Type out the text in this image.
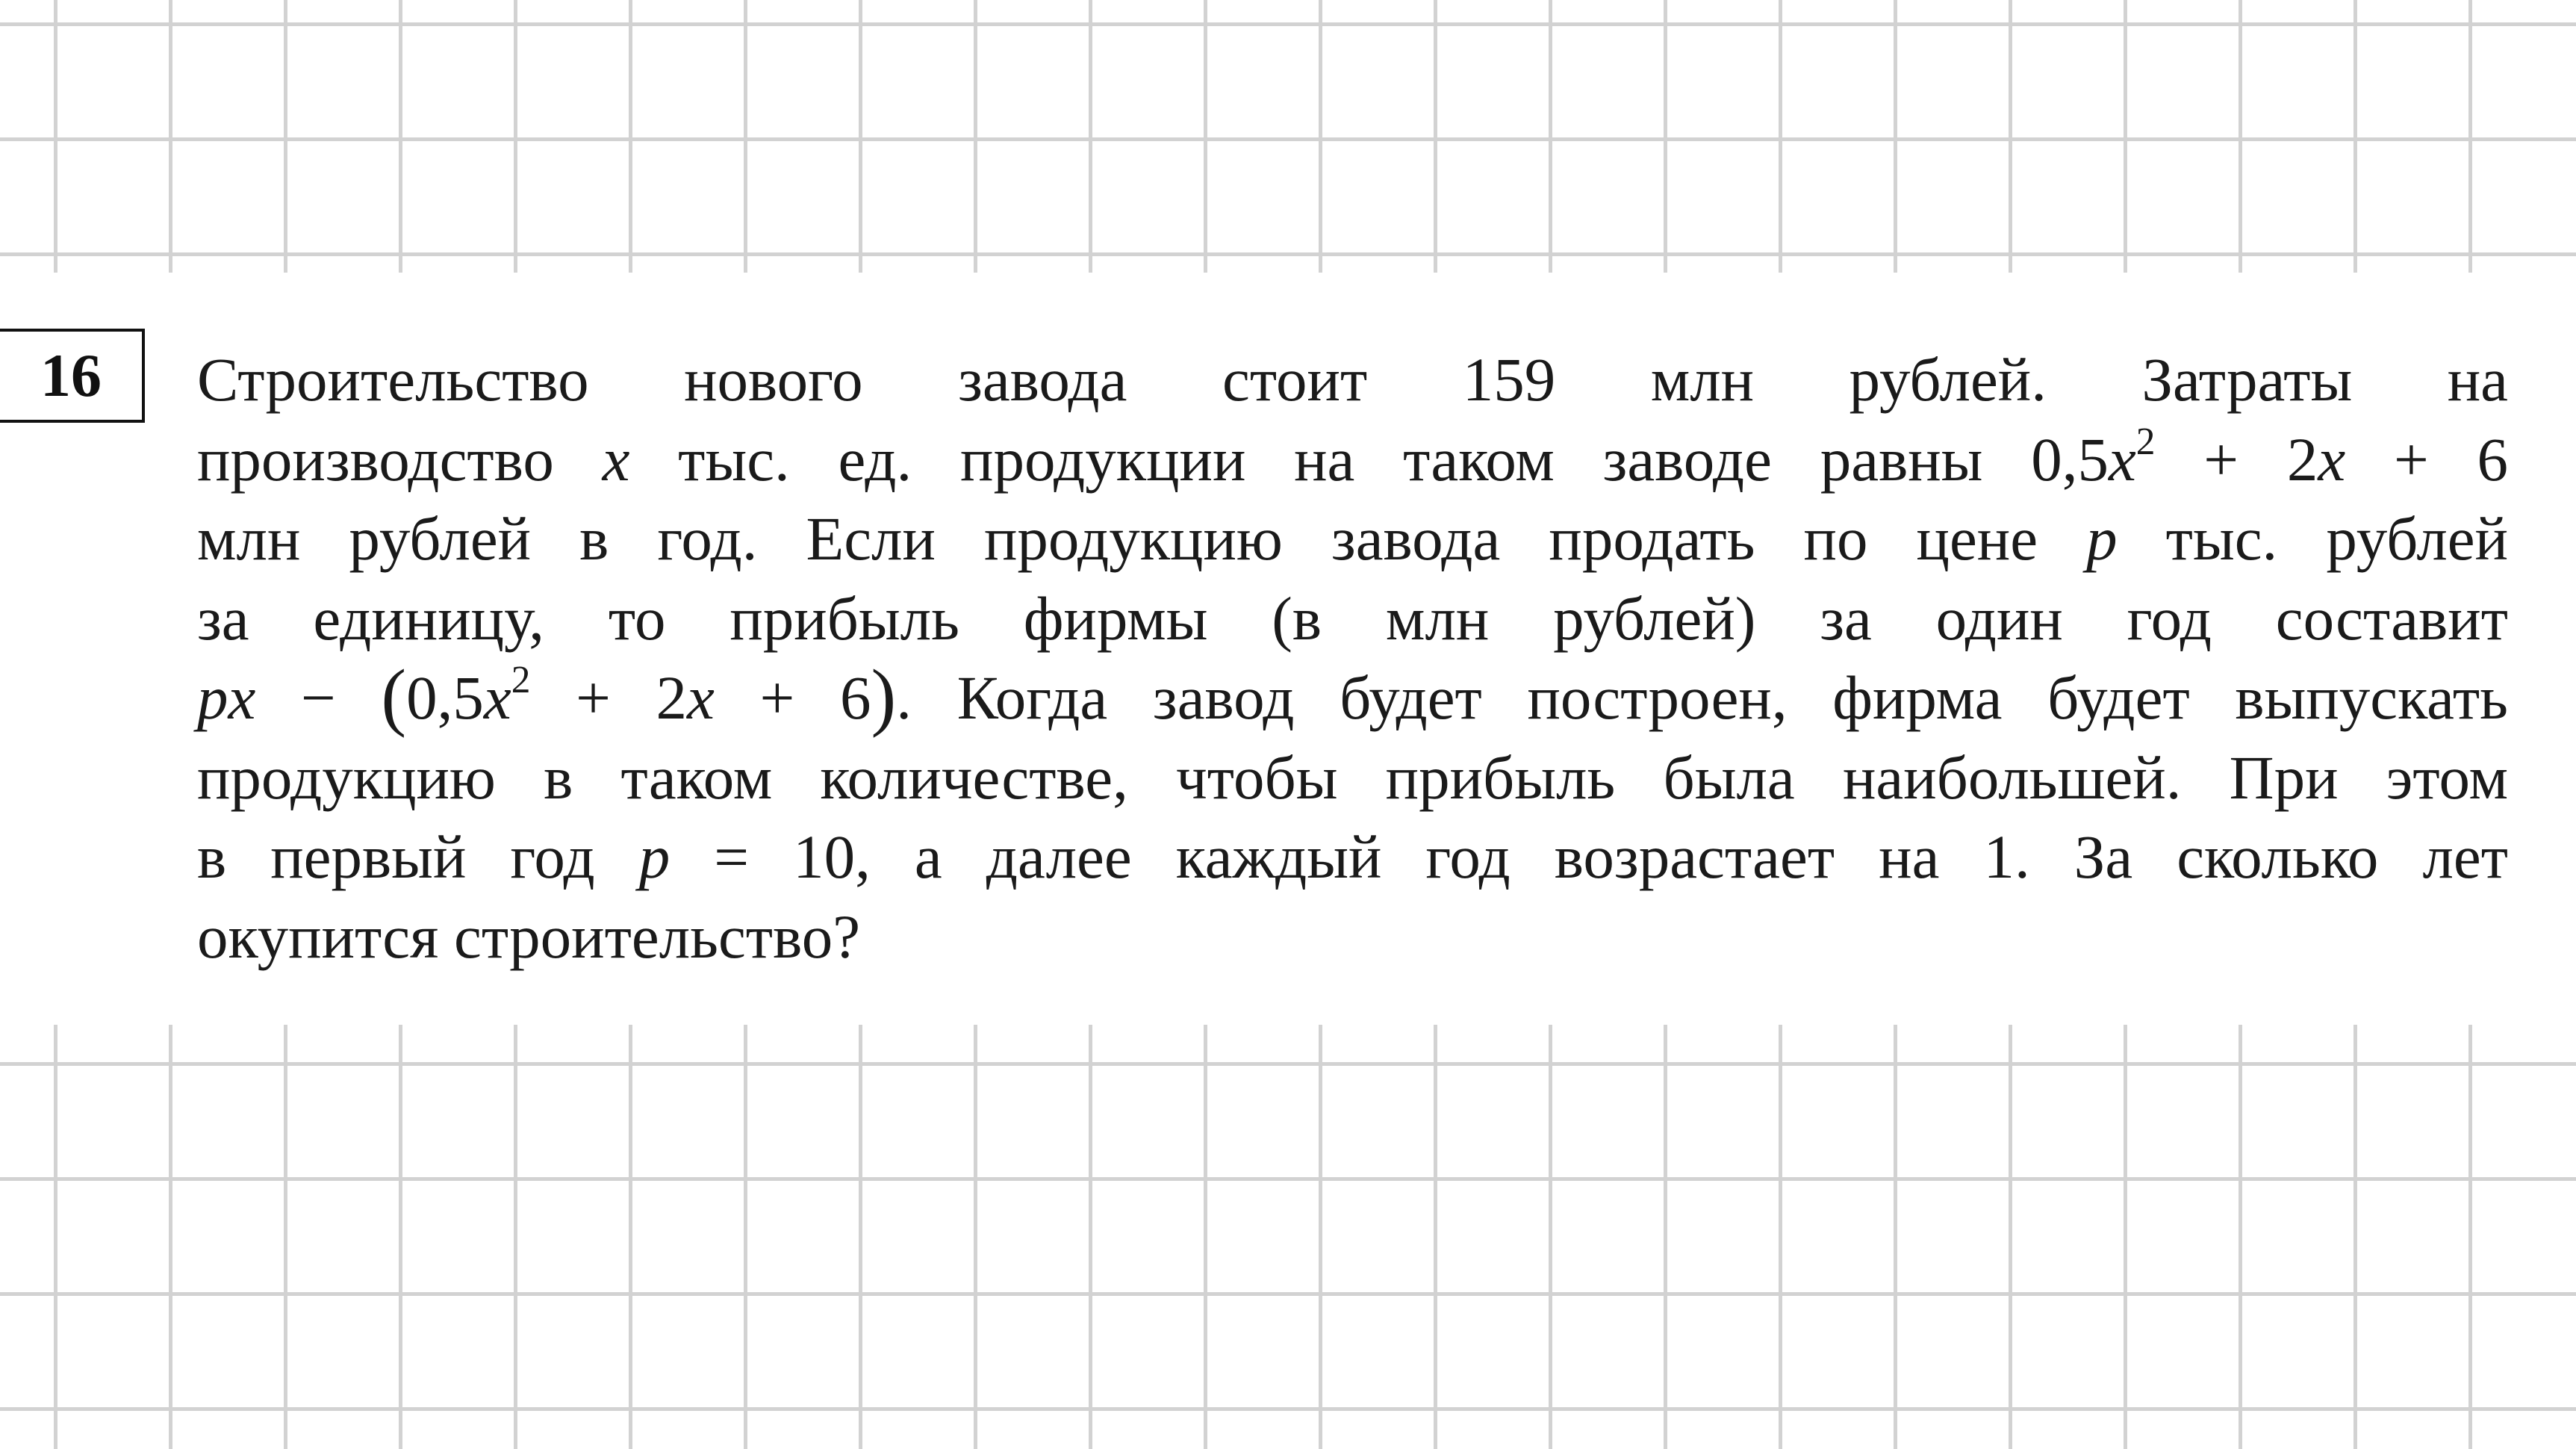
16	Строительство нового завода стоит 159 млн рублей. Затраты на
производство x тыс. ед. продукции на таком заводе равны $0,5x^2 + 2x + 6$
млн рублей в год. Если продукцию завода продать по цене p тыс. рублей
за единицу, то прибыль фирмы (в млн рублей) за один год составит
px − $(0,5x^2 + 2x + 6)$. Когда завод будет построен, фирма будет выпускать
продукцию в таком количестве, чтобы прибыль была наибольшей. При этом
в первый год p = 10, а далее каждый год возрастает на 1. За сколько лет
окупится строительство?
